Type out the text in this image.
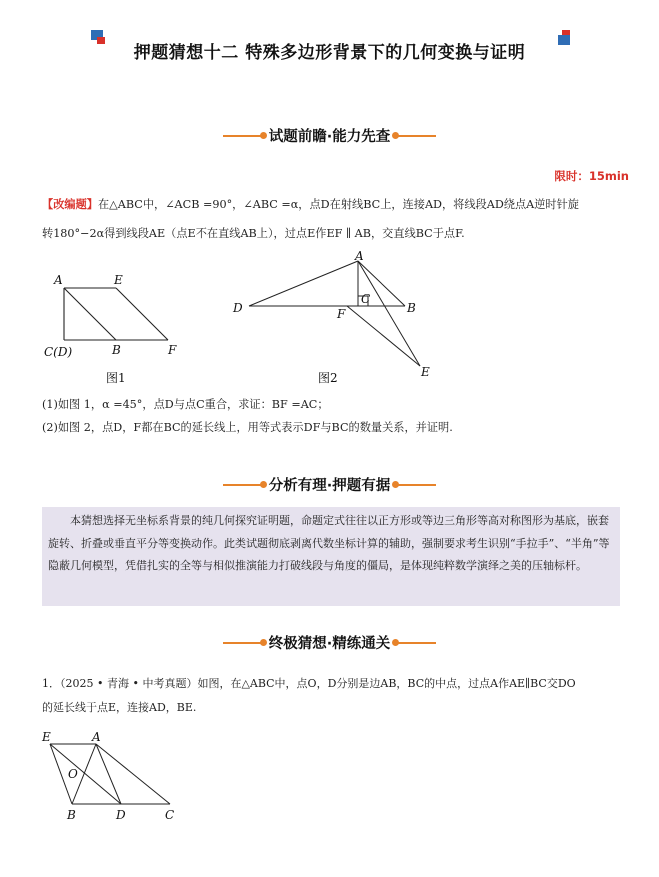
押题猜想十二 特殊多边形背景下的几何变换与证明
试题前瞻·能力先查
限时：15min
【改编题】在△ABC中，∠ACB =90°，∠ABC =α，点D在射线BC上，连接AD，将线段AD绕点A逆时针旋
转180°−2α得到线段AE（点E不在直线AB上），过点E作EF ∥ AB，交直线BC于点F.
A	E
C(D)	B	F
图1
A
C
D	F	B
E
图2
(1)如图 1，α =45°，点D与点C重合，求证：BF =AC；
(2)如图 2，点D，F都在BC的延长线上，用等式表示DF与BC的数量关系，并证明.
分析有理·押题有据
本猜想选择无坐标系背景的纯几何探究证明题，命题定式往往以正方形或等边三角形等高对称图形为基底，嵌套旋转、折叠或垂直平分等变换动作。此类试题彻底剥离代数坐标计算的辅助，强制要求考生识别“手拉手”、“半角”等隐蔽几何模型，凭借扎实的全等与相似推演能力打破线段与角度的僵局，是体现纯粹数学演绎之美的压轴标杆。
终极猜想·精练通关
1．（2025 • 青海 • 中考真题）如图，在△ABC中，点O，D分别是边AB，BC的中点，过点A作AE∥BC交DO
的延长线于点E，连接AD，BE.
E	A
O
B	D	C
